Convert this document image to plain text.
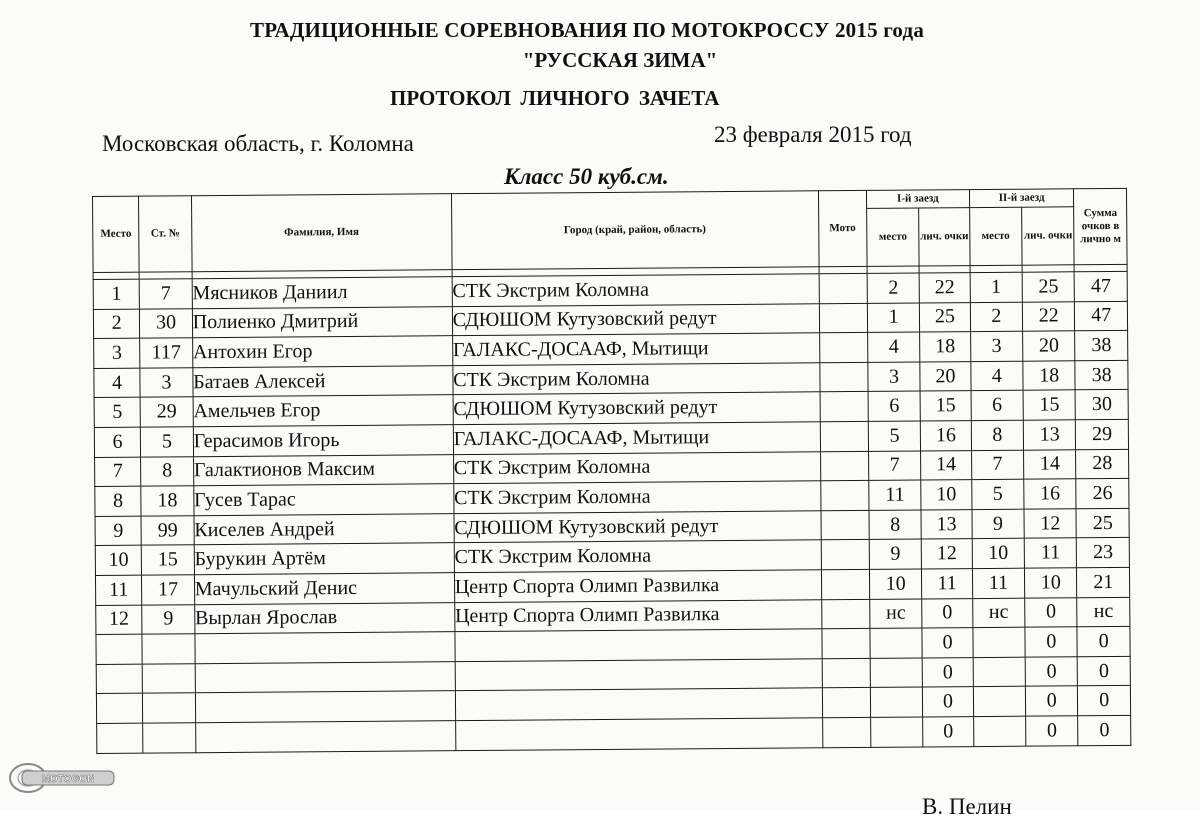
ТРАДИЦИОННЫЕ СОРЕВНОВАНИЯ ПО МОТОКРОССУ 2015 года
"РУССКАЯ ЗИМА"
ПРОТОКОЛ ЛИЧНОГО ЗАЧЕТА
Московская область, г. Коломна	23 февраля 2015 год
Класс 50 куб.см.
Место	Ст. №	Фамилия, Имя	Город (край, район, область)	Мото	I-й заезд		II-й заезд		Сумма очков в лично м
					место	лич. очки	место	лич. очки	

1	7	Мясников Даниил	СТК Экстрим Коломна		2	22	1	25	47
2	30	Полиенко Дмитрий	СДЮШОМ Кутузовский редут		1	25	2	22	47
3	117	Антохин Егор	ГАЛАКС-ДОСААФ, Мытищи		4	18	3	20	38
4	3	Батаев Алексей	СТК Экстрим Коломна		3	20	4	18	38
5	29	Амельчев Егор	СДЮШОМ Кутузовский редут		6	15	6	15	30
6	5	Герасимов Игорь	ГАЛАКС-ДОСААФ, Мытищи		5	16	8	13	29
7	8	Галактионов Максим	СТК Экстрим Коломна		7	14	7	14	28
8	18	Гусев Тарас	СТК Экстрим Коломна		11	10	5	16	26
9	99	Киселев Андрей	СДЮШОМ Кутузовский редут		8	13	9	12	25
10	15	Бурукин Артём	СТК Экстрим Коломна		9	12	10	11	23
11	17	Мачульский Денис	Центр Спорта Олимп Развилка		10	11	11	10	21
12	9	Вырлан Ярослав	Центр Спорта Олимп Развилка		нс	0	нс	0	нс
						0		0	0
						0		0	0
						0		0	0
						0		0	0
MOTOGON
В. Пелин
